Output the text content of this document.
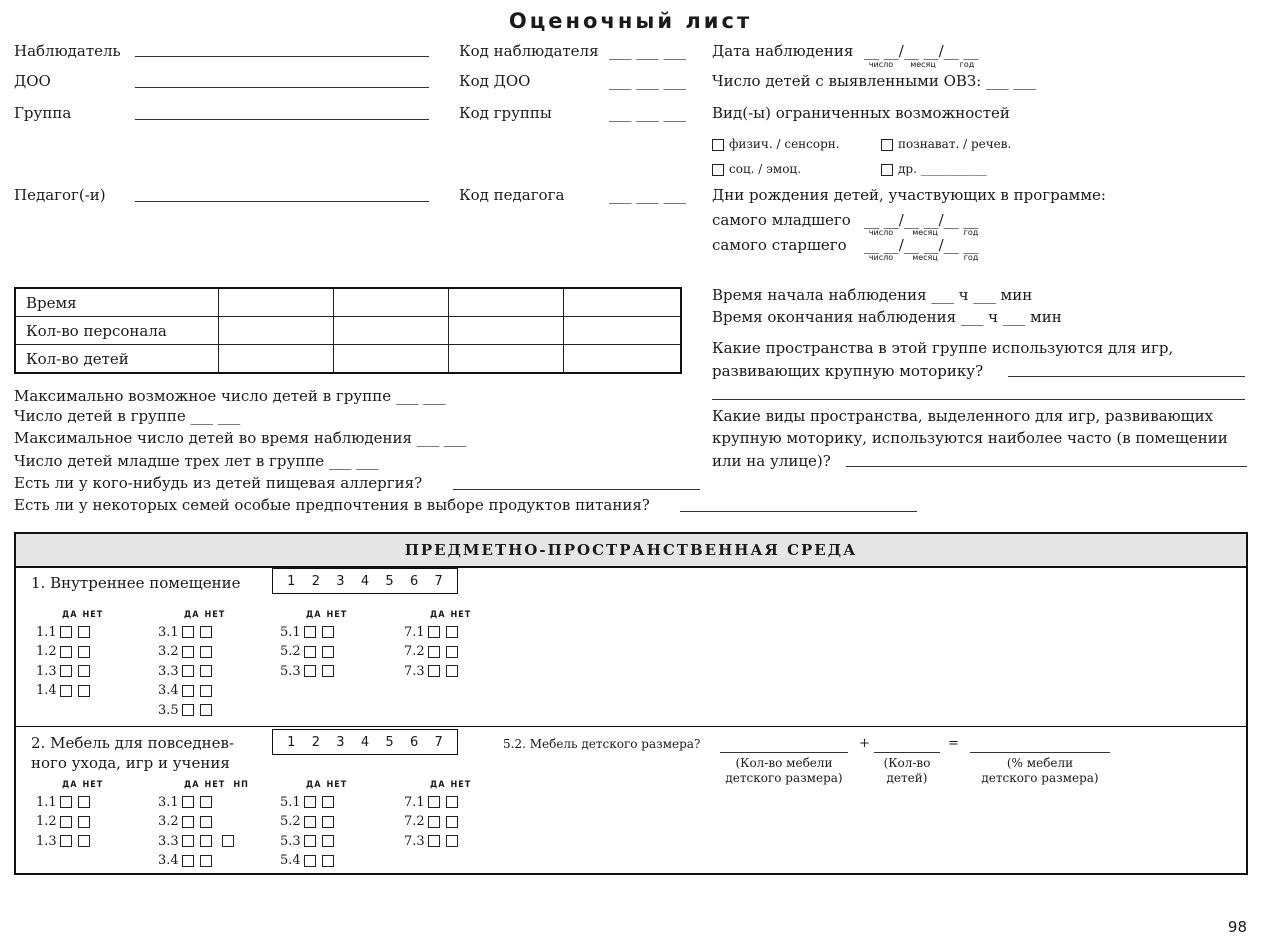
Оценочный лист
Наблюдатель
ДОО
Группа
Педагог(-и)
Код наблюдателя ___ ___ ___
Код ДОО	___ ___ ___
Код группы	___ ___ ___
Код педагога	___ ___ ___
Дата наблюдения __ __/__ __/__ __
число	месяц	год
Число детей с выявленными ОВЗ: ___ ___
Вид(-ы) ограниченных возможностей
физич. / сенсорн.	познават. / речев.
соц. / эмоц.	др. ___________
Дни рождения детей, участвующих в программе:
самого младшего __ __/__ __/__ __
число	месяц	год
самого старшего __ __/__ __/__ __
число	месяц	год
Время				
Кол-во персонала				
Кол-во детей				
Время начала наблюдения ___ ч ___ мин
Время окончания наблюдения ___ ч ___ мин
Какие пространства в этой группе используются для игр,
развивающих крупную моторику?
Какие виды пространства, выделенного для игр, развивающих
крупную моторику, используются наиболее часто (в помещении
или на улице)?
Максимально возможное число детей в группе ___ ___
Число детей в группе ___ ___
Максимальное число детей во время наблюдения ___ ___
Число детей младше трех лет в группе ___ ___
Есть ли у кого-нибудь из детей пищевая аллергия?
Есть ли у некоторых семей особые предпочтения в выборе продуктов питания?
ПРЕДМЕТНО-ПРОСТРАНСТВЕННАЯ СРЕДА
1. Внутреннее помещение	1 2 3 4 5 6 7
ДА НЕТ
1.1
1.2
1.3
1.4
ДА НЕТ
3.1
3.2
3.3
3.4
3.5
ДА НЕТ
5.1
5.2
5.3
ДА НЕТ
7.1
7.2
7.3
2. Мебель для повседнев-
ного ухода, игр и учения
1 2 3 4 5 6 7
ДА НЕТ
1.1
1.2
1.3
ДА НЕТ НП
3.1
3.2
3.3
3.4
ДА НЕТ
5.1
5.2
5.3
5.4
ДА НЕТ
7.1
7.2
7.3
5.2. Мебель детского размера?	+	=
(Кол-во мебели
детского размера)
(Кол-во
детей)
(% мебели
детского размера)
98
